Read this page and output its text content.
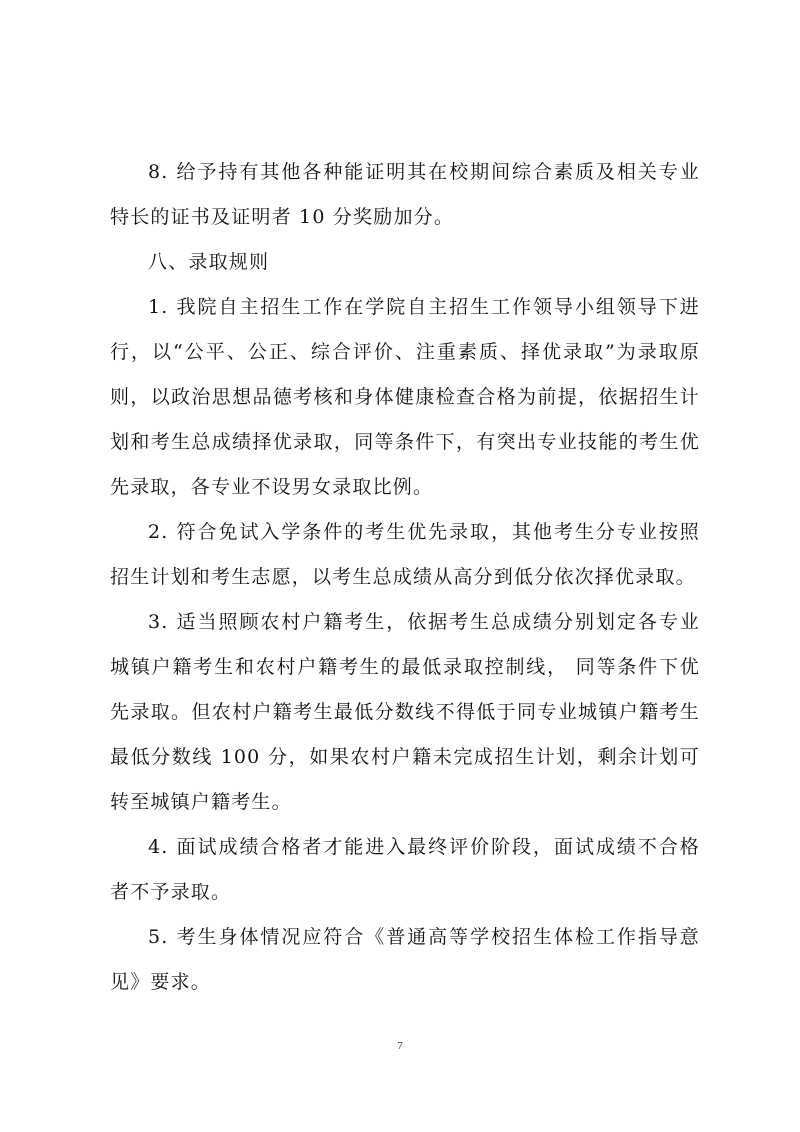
8. 给予持有其他各种能证明其在校期间综合素质及相关专业特长的证书及证明者 10 分奖励加分。

八、录取规则

1. 我院自主招生工作在学院自主招生工作领导小组领导下进行，以“公平、公正、综合评价、注重素质、择优录取”为录取原则，以政治思想品德考核和身体健康检查合格为前提，依据招生计划和考生总成绩择优录取，同等条件下，有突出专业技能的考生优先录取，各专业不设男女录取比例。

2. 符合免试入学条件的考生优先录取，其他考生分专业按照招生计划和考生志愿，以考生总成绩从高分到低分依次择优录取。

3. 适当照顾农村户籍考生，依据考生总成绩分别划定各专业城镇户籍考生和农村户籍考生的最低录取控制线， 同等条件下优先录取。但农村户籍考生最低分数线不得低于同专业城镇户籍考生最低分数线 100 分，如果农村户籍未完成招生计划，剩余计划可转至城镇户籍考生。

4. 面试成绩合格者才能进入最终评价阶段，面试成绩不合格者不予录取。

5. 考生身体情况应符合《普通高等学校招生体检工作指导意见》要求。

7
